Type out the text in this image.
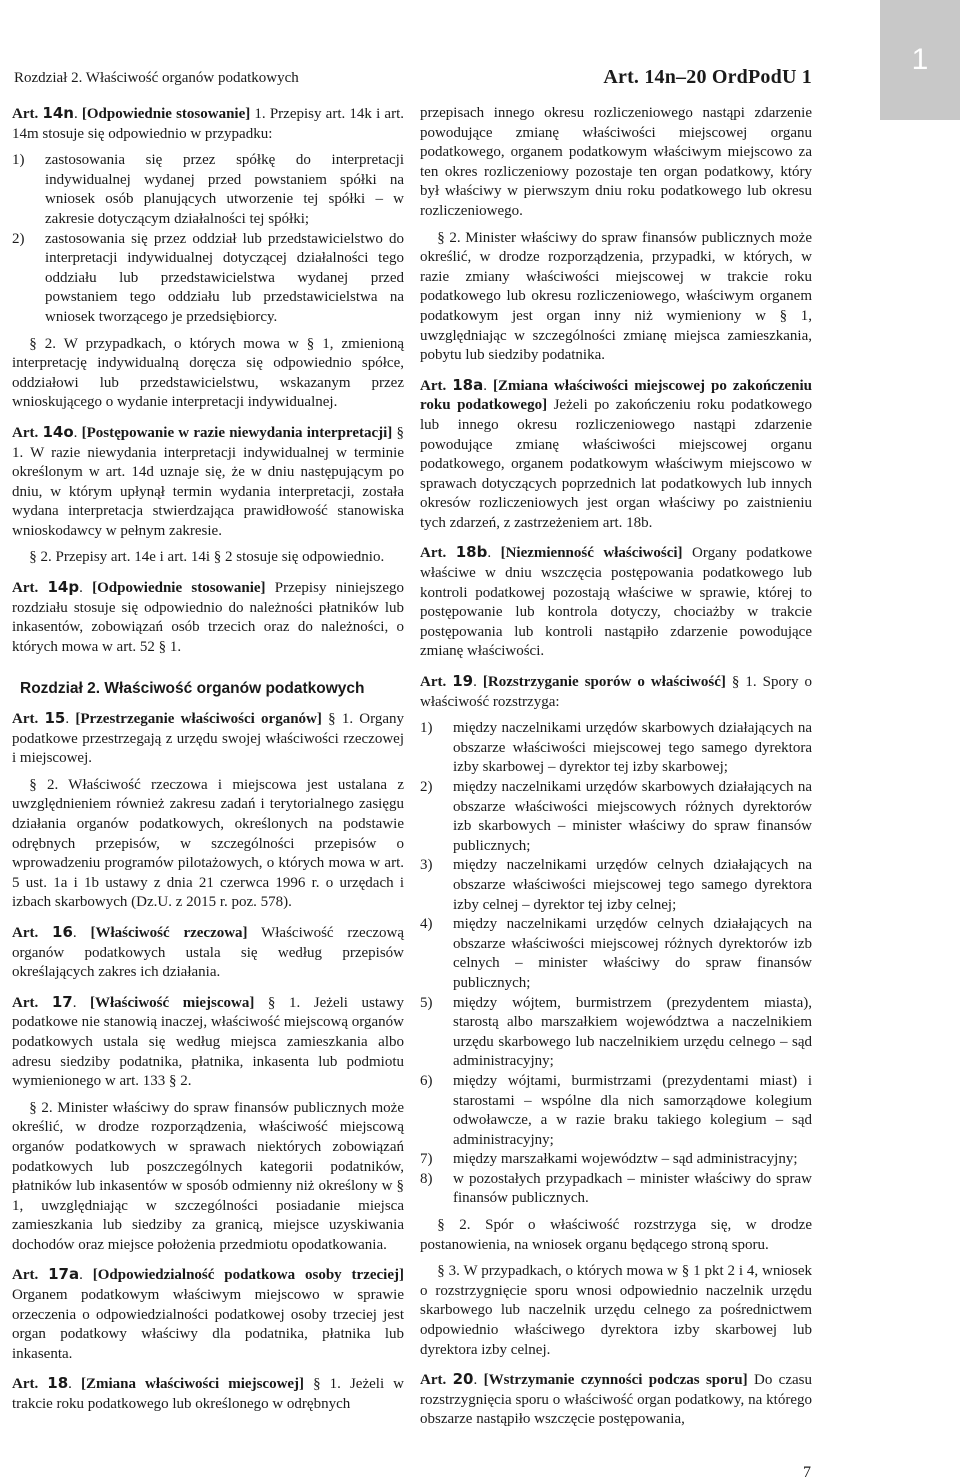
Rozdział 2. Właściwość organów podatkowych	Art. 14n–20 OrdPodU 1
1

Art. 14n. [Odpowiednie stosowanie] 1. Przepisy art. 14k i art. 14m stosuje się odpowiednio w przypadku:

1) zastosowania się przez spółkę do interpretacji indywidualnej wydanej przed powstaniem spółki na wniosek osób planujących utworzenie tej spółki – w zakresie dotyczącym działalności tej spółki;
2) zastosowania się przez oddział lub przedstawicielstwo do interpretacji indywidualnej dotyczącej działalności tego oddziału lub przedstawicielstwa wydanej przed powstaniem tego oddziału lub przedstawicielstwa na wniosek tworzącego je przedsiębiorcy.

§ 2. W przypadkach, o których mowa w § 1, zmienioną interpretację indywidualną doręcza się odpowiednio spółce, oddziałowi lub przedstawicielstwu, wskazanym przez wnioskującego o wydanie interpretacji indywidualnej.

Art. 14o. [Postępowanie w razie niewydania interpretacji] § 1. W razie niewydania interpretacji indywidualnej w terminie określonym w art. 14d uznaje się, że w dniu następującym po dniu, w którym upłynął termin wydania interpretacji, została wydana interpretacja stwierdzająca prawidłowość stanowiska wnioskodawcy w pełnym zakresie.

§ 2. Przepisy art. 14e i art. 14i § 2 stosuje się odpowiednio.

Art. 14p. [Odpowiednie stosowanie] Przepisy niniejszego rozdziału stosuje się odpowiednio do należności płatników lub inkasentów, zobowiązań osób trzecich oraz do należności, o których mowa w art. 52 § 1.

Rozdział 2. Właściwość organów podatkowych

Art. 15. [Przestrzeganie właściwości organów] § 1. Organy podatkowe przestrzegają z urzędu swojej właściwości rzeczowej i miejscowej.

§ 2. Właściwość rzeczowa i miejscowa jest ustalana z uwzględnieniem również zakresu zadań i terytorialnego zasięgu działania organów podatkowych, określonych na podstawie odrębnych przepisów, w szczególności przepisów o wprowadzeniu programów pilotażowych, o których mowa w art. 5 ust. 1a i 1b ustawy z dnia 21 czerwca 1996 r. o urzędach i izbach skarbowych (Dz.U. z 2015 r. poz. 578).

Art. 16. [Właściwość rzeczowa] Właściwość rzeczową organów podatkowych ustala się według przepisów określających zakres ich działania.

Art. 17. [Właściwość miejscowa] § 1. Jeżeli ustawy podatkowe nie stanowią inaczej, właściwość miejscową organów podatkowych ustala się według miejsca zamieszkania albo adresu siedziby podatnika, płatnika, inkasenta lub podmiotu wymienionego w art. 133 § 2.

§ 2. Minister właściwy do spraw finansów publicznych może określić, w drodze rozporządzenia, właściwość miejscową organów podatkowych w sprawach niektórych zobowiązań podatkowych lub poszczególnych kategorii podatników, płatników lub inkasentów w sposób odmienny niż określony w § 1, uwzględniając w szczególności posiadanie miejsca zamieszkania lub siedziby za granicą, miejsce uzyskiwania dochodów oraz miejsce położenia przedmiotu opodatkowania.

Art. 17a. [Odpowiedzialność podatkowa osoby trzeciej] Organem podatkowym właściwym miejscowo w sprawie orzeczenia o odpowiedzialności podatkowej osoby trzeciej jest organ podatkowy właściwy dla podatnika, płatnika lub inkasenta.

Art. 18. [Zmiana właściwości miejscowej] § 1. Jeżeli w trakcie roku podatkowego lub określonego w odrębnych

przepisach innego okresu rozliczeniowego nastąpi zdarzenie powodujące zmianę właściwości miejscowej organu podatkowego, organem podatkowym właściwym miejscowo za ten okres rozliczeniowy pozostaje ten organ podatkowy, który był właściwy w pierwszym dniu roku podatkowego lub okresu rozliczeniowego.

§ 2. Minister właściwy do spraw finansów publicznych może określić, w drodze rozporządzenia, przypadki, w których, w razie zmiany właściwości miejscowej w trakcie roku podatkowego lub okresu rozliczeniowego, właściwym organem podatkowym jest organ inny niż wymieniony w § 1, uwzględniając w szczególności zmianę miejsca zamieszkania, pobytu lub siedziby podatnika.

Art. 18a. [Zmiana właściwości miejscowej po zakończeniu roku podatkowego] Jeżeli po zakończeniu roku podatkowego lub innego okresu rozliczeniowego nastąpi zdarzenie powodujące zmianę właściwości miejscowej organu podatkowego, organem podatkowym właściwym miejscowo w sprawach dotyczących poprzednich lat podatkowych lub innych okresów rozliczeniowych jest organ właściwy po zaistnieniu tych zdarzeń, z zastrzeżeniem art. 18b.

Art. 18b. [Niezmienność właściwości] Organy podatkowe właściwe w dniu wszczęcia postępowania podatkowego lub kontroli podatkowej pozostają właściwe w sprawie, której to postępowanie lub kontrola dotyczy, chociażby w trakcie postępowania lub kontroli nastąpiło zdarzenie powodujące zmianę właściwości.

Art. 19. [Rozstrzyganie sporów o właściwość] § 1. Spory o właściwość rozstrzyga:

1) między naczelnikami urzędów skarbowych działających na obszarze właściwości miejscowej tego samego dyrektora izby skarbowej – dyrektor tej izby skarbowej;
2) między naczelnikami urzędów skarbowych działających na obszarze właściwości miejscowych różnych dyrektorów izb skarbowych – minister właściwy do spraw finansów publicznych;
3) między naczelnikami urzędów celnych działających na obszarze właściwości miejscowej tego samego dyrektora izby celnej – dyrektor tej izby celnej;
4) między naczelnikami urzędów celnych działających na obszarze właściwości miejscowej różnych dyrektorów izb celnych – minister właściwy do spraw finansów publicznych;
5) między wójtem, burmistrzem (prezydentem miasta), starostą albo marszałkiem województwa a naczelnikiem urzędu skarbowego lub naczelnikiem urzędu celnego – sąd administracyjny;
6) między wójtami, burmistrzami (prezydentami miast) i starostami – wspólne dla nich samorządowe kolegium odwoławcze, a w razie braku takiego kolegium – sąd administracyjny;
7) między marszałkami województw – sąd administracyjny;
8) w pozostałych przypadkach – minister właściwy do spraw finansów publicznych.

§ 2. Spór o właściwość rozstrzyga się, w drodze postanowienia, na wniosek organu będącego stroną sporu.

§ 3. W przypadkach, o których mowa w § 1 pkt 2 i 4, wniosek o rozstrzygnięcie sporu wnosi odpowiednio naczelnik urzędu skarbowego lub naczelnik urzędu celnego za pośrednictwem odpowiednio właściwego dyrektora izby skarbowej lub dyrektora izby celnej.

Art. 20. [Wstrzymanie czynności podczas sporu] Do czasu rozstrzygnięcia sporu o właściwość organ podatkowy, na którego obszarze nastąpiło wszczęcie postępowania,

7
